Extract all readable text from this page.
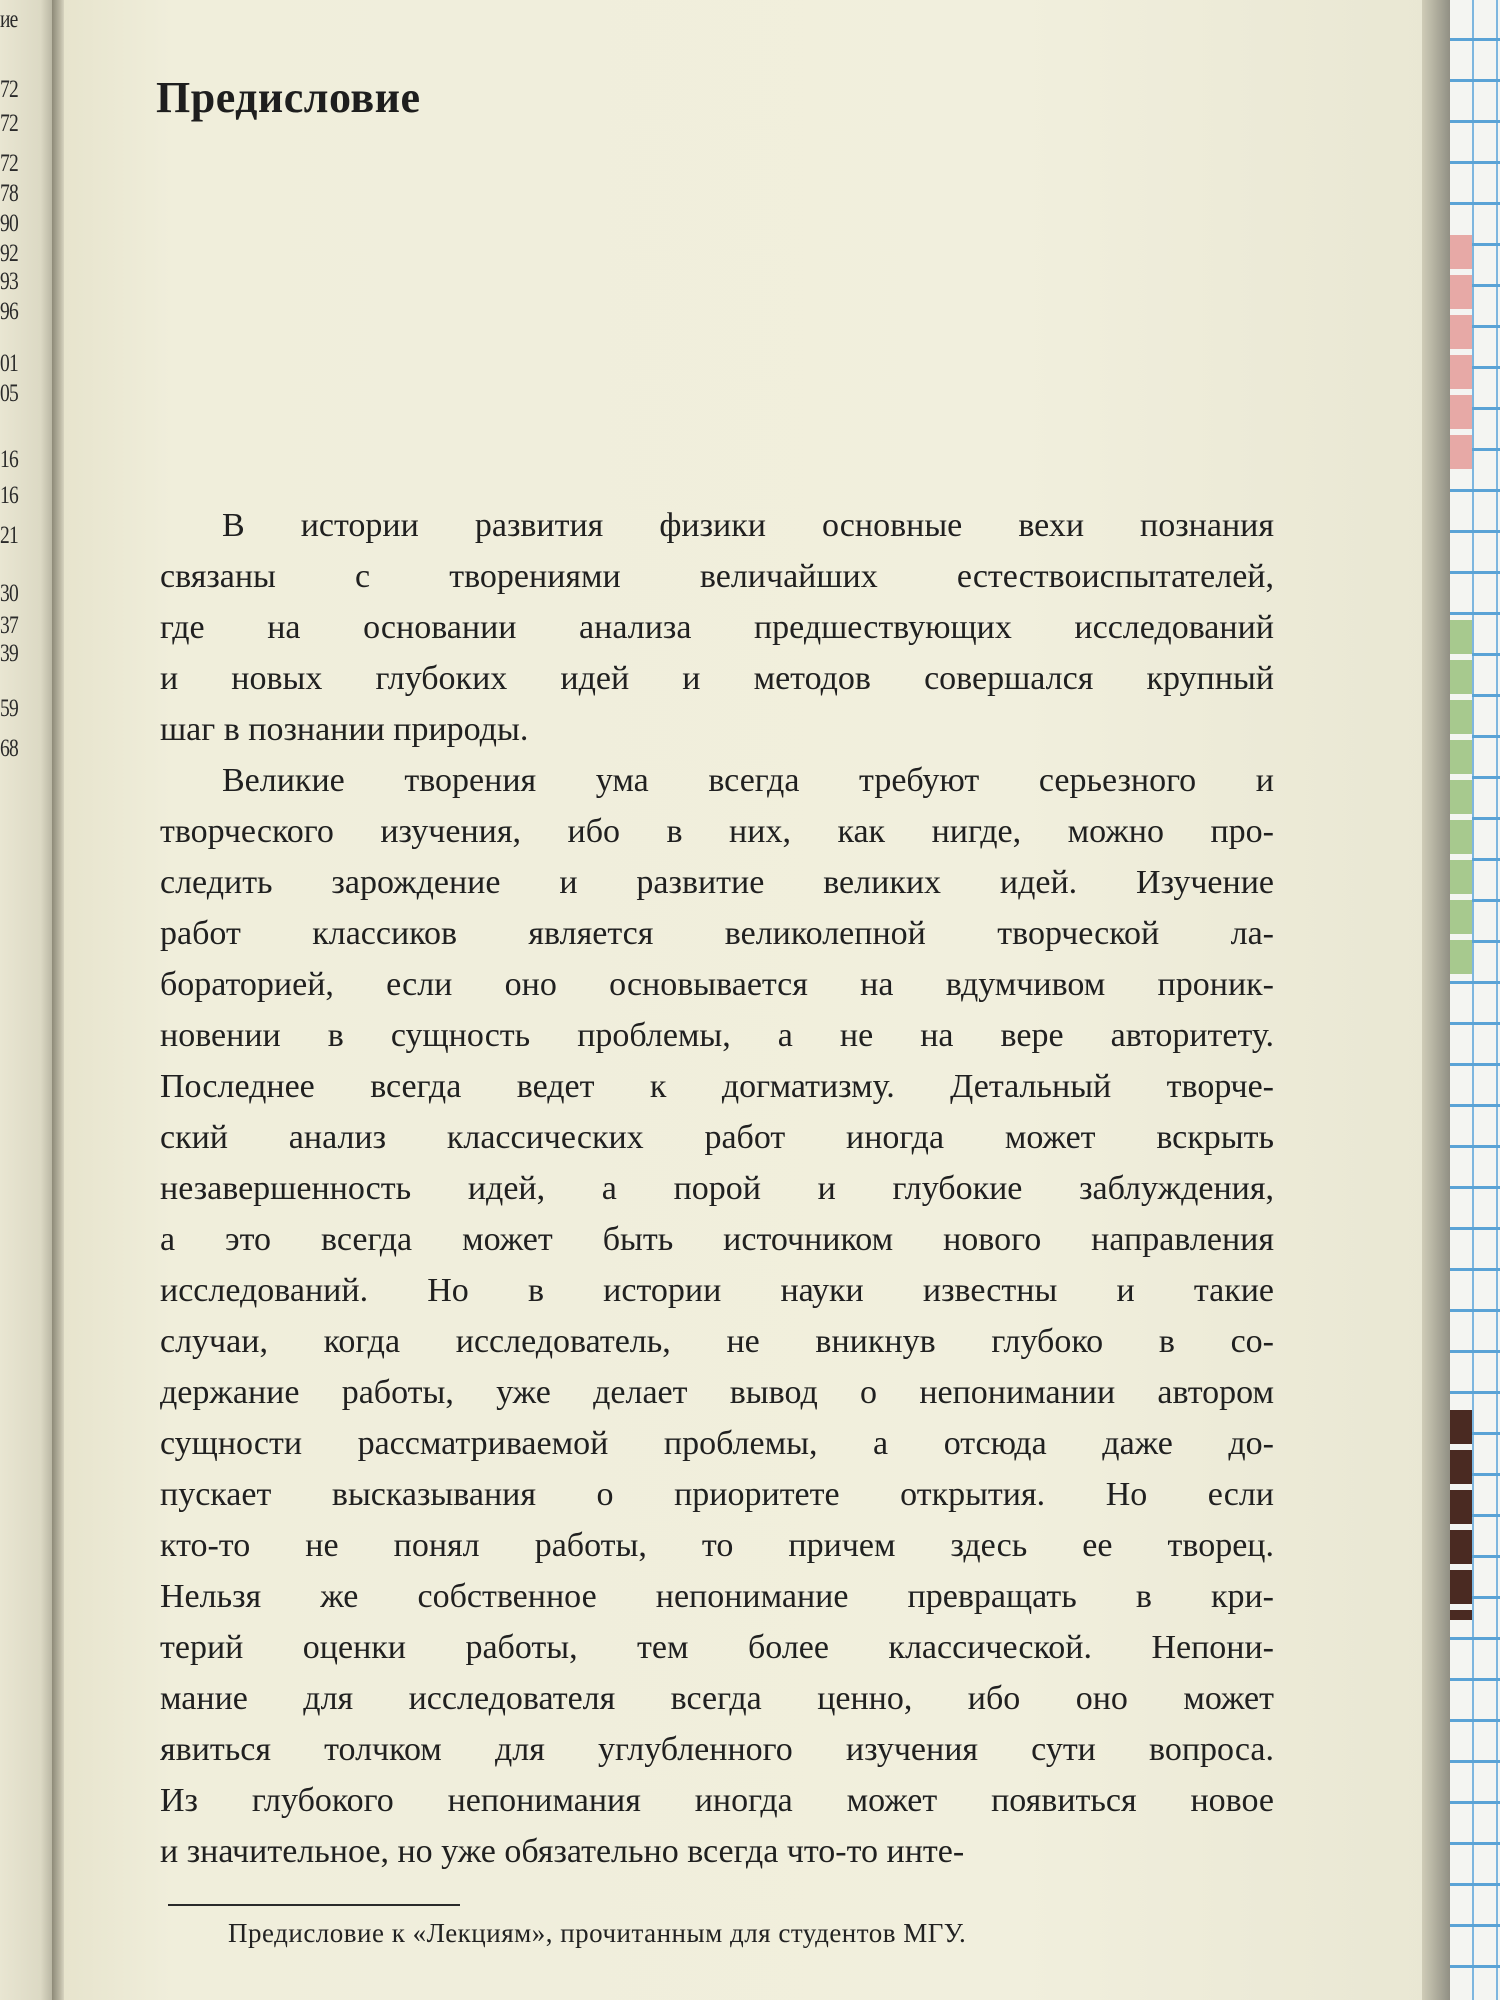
ие
72
72
72
78
90
92
93
96
01
05
16
16
21
30
37
39
59
68
Предисловие

В истории развития физики основные вехи познания
связаны с творениями величайших естествоиспытателей,
где на основании анализа предшествующих исследований
и новых глубоких идей и методов совершался крупный
шаг в познании природы.

Великие творения ума всегда требуют серьезного и
творческого изучения, ибо в них, как нигде, можно про-
следить зарождение и развитие великих идей. Изучение
работ классиков является великолепной творческой ла-
бораторией, если оно основывается на вдумчивом проник-
новении в сущность проблемы, а не на вере авторитету.
Последнее всегда ведет к догматизму. Детальный творче-
ский анализ классических работ иногда может вскрыть
незавершенность идей, а порой и глубокие заблуждения,
а это всегда может быть источником нового направления
исследований. Но в истории науки известны и такие
случаи, когда исследователь, не вникнув глубоко в со-
держание работы, уже делает вывод о непонимании автором
сущности рассматриваемой проблемы, а отсюда даже до-
пускает высказывания о приоритете открытия. Но если
кто-то не понял работы, то причем здесь ее творец.
Нельзя же собственное непонимание превращать в кри-
терий оценки работы, тем более классической. Непони-
мание для исследователя всегда ценно, ибо оно может
явиться толчком для углубленного изучения сути вопроса.
Из глубокого непонимания иногда может появиться новое
и значительное, но уже обязательно всегда что-то инте-

Предисловие к «Лекциям», прочитанным для студентов МГУ.
